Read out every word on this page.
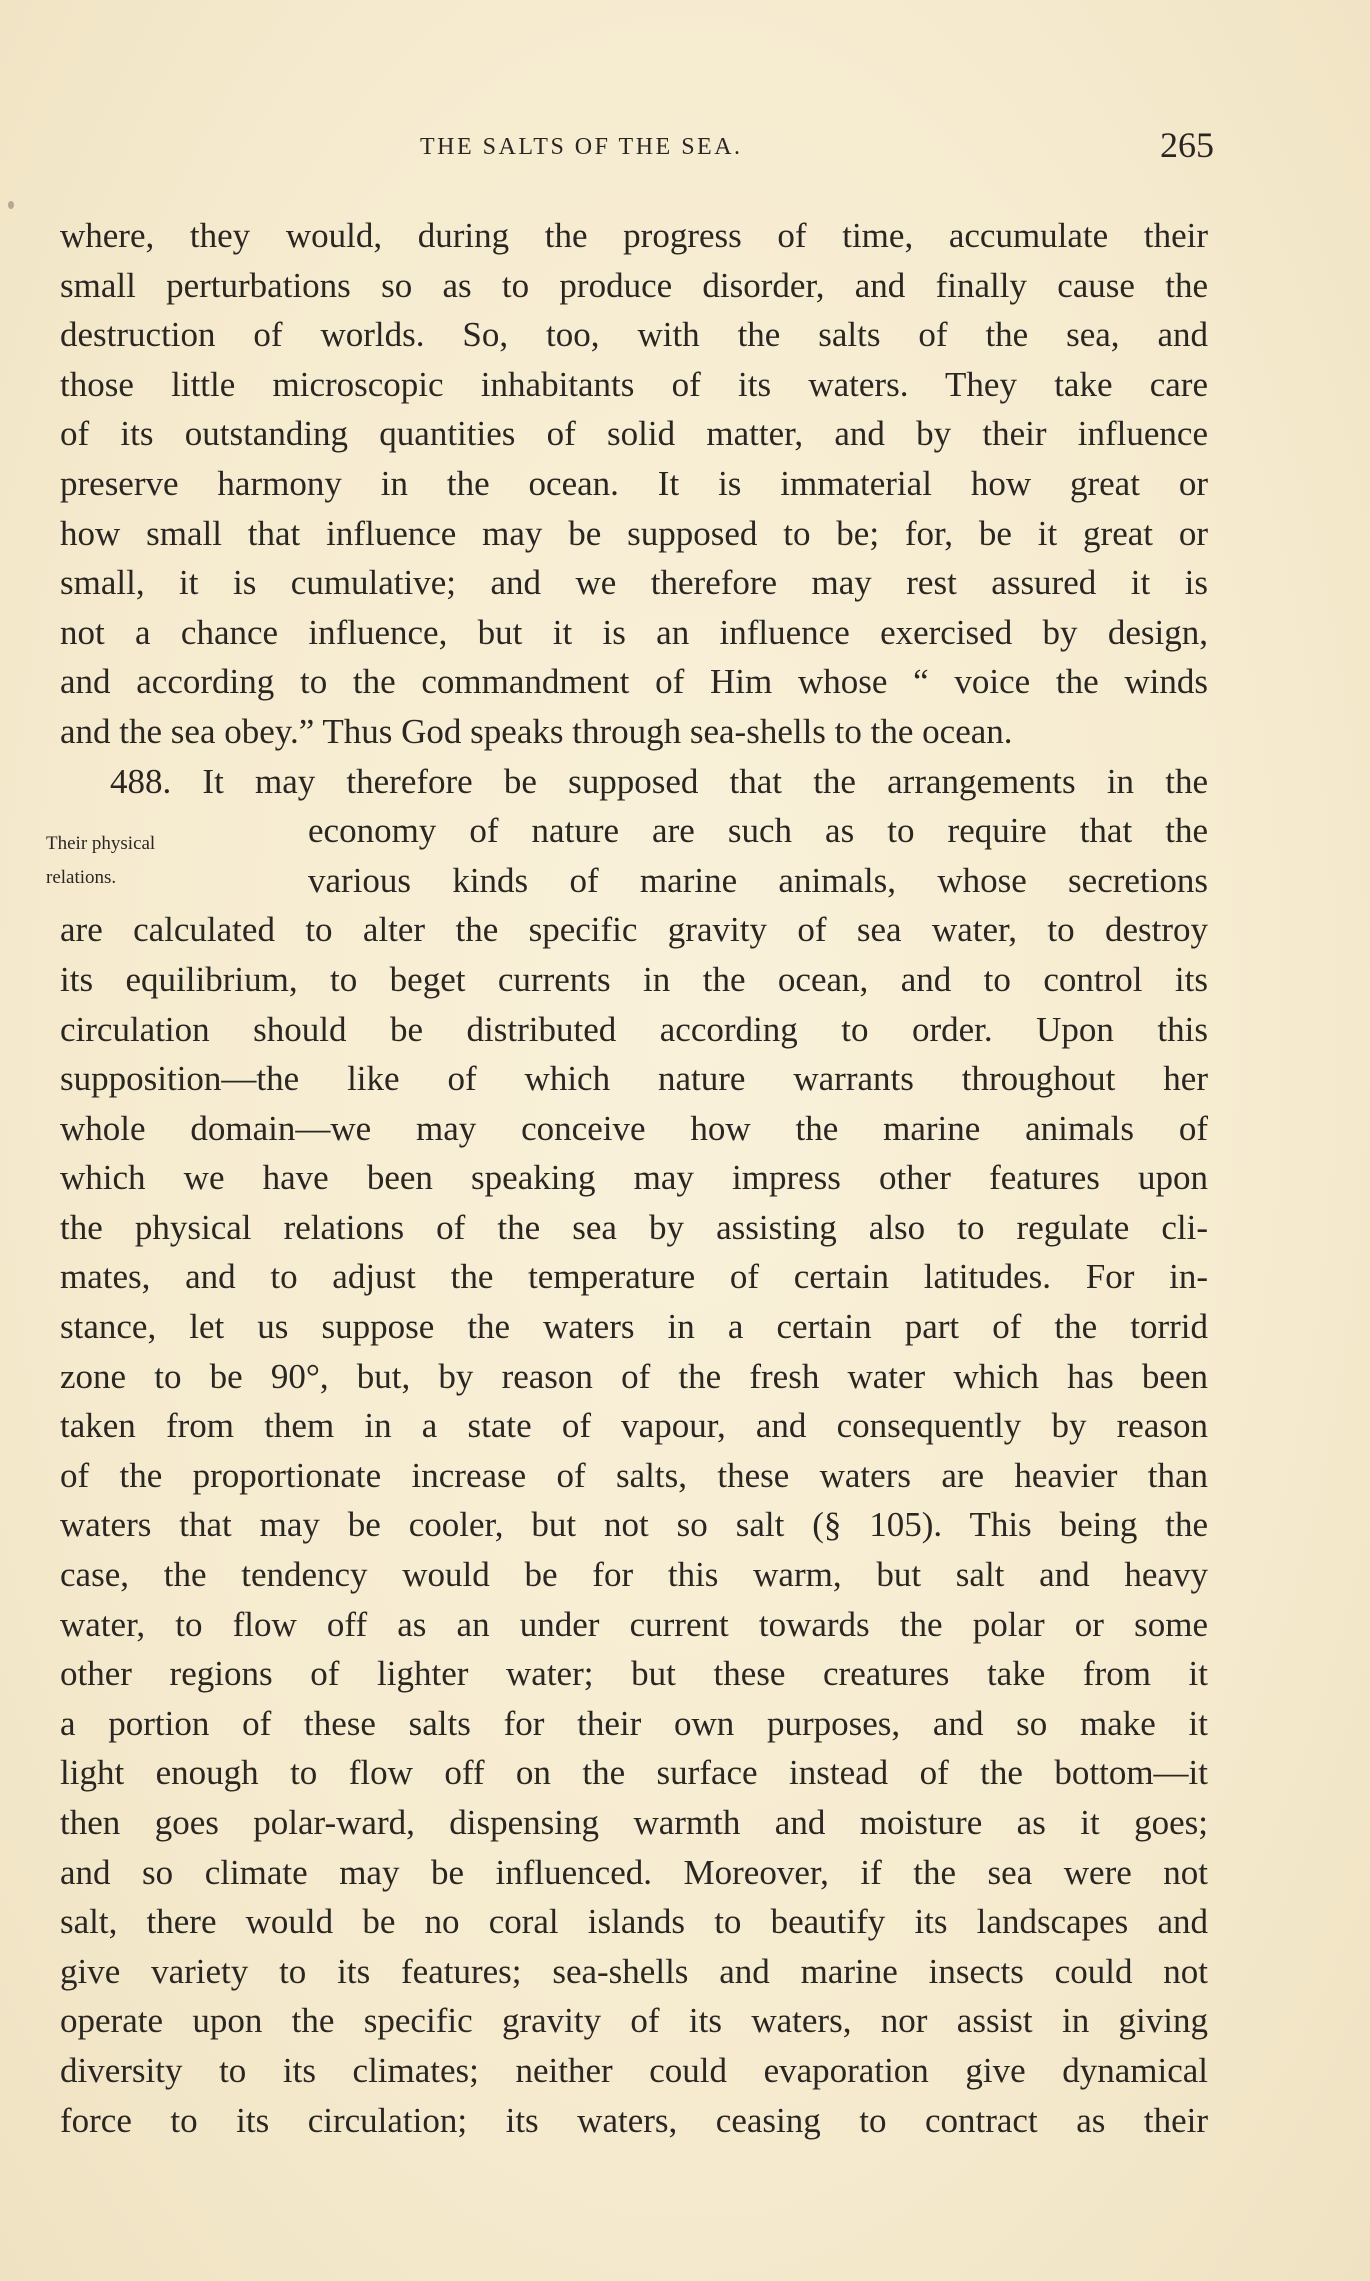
THE SALTS OF THE SEA.	265
Their physical
relations.
where, they would, during the progress of time, accumulate their
small perturbations so as to produce disorder, and finally cause the
destruction of worlds. So, too, with the salts of the sea, and
those little microscopic inhabitants of its waters. They take care
of its outstanding quantities of solid matter, and by their influence
preserve harmony in the ocean. It is immaterial how great or
how small that influence may be supposed to be; for, be it great or
small, it is cumulative; and we therefore may rest assured it is
not a chance influence, but it is an influence exercised by design,
and according to the commandment of Him whose “ voice the winds
and the sea obey.” Thus God speaks through sea-shells to the ocean.
488. It may therefore be supposed that the arrangements in the
economy of nature are such as to require that the
various kinds of marine animals, whose secretions
are calculated to alter the specific gravity of sea water, to destroy
its equilibrium, to beget currents in the ocean, and to control its
circulation should be distributed according to order. Upon this
supposition—the like of which nature warrants throughout her
whole domain—we may conceive how the marine animals of
which we have been speaking may impress other features upon
the physical relations of the sea by assisting also to regulate cli-
mates, and to adjust the temperature of certain latitudes. For in-
stance, let us suppose the waters in a certain part of the torrid
zone to be 90°, but, by reason of the fresh water which has been
taken from them in a state of vapour, and consequently by reason
of the proportionate increase of salts, these waters are heavier than
waters that may be cooler, but not so salt (§ 105). This being the
case, the tendency would be for this warm, but salt and heavy
water, to flow off as an under current towards the polar or some
other regions of lighter water; but these creatures take from it
a portion of these salts for their own purposes, and so make it
light enough to flow off on the surface instead of the bottom—it
then goes polar-ward, dispensing warmth and moisture as it goes;
and so climate may be influenced. Moreover, if the sea were not
salt, there would be no coral islands to beautify its landscapes and
give variety to its features; sea-shells and marine insects could not
operate upon the specific gravity of its waters, nor assist in giving
diversity to its climates; neither could evaporation give dynamical
force to its circulation; its waters, ceasing to contract as their
